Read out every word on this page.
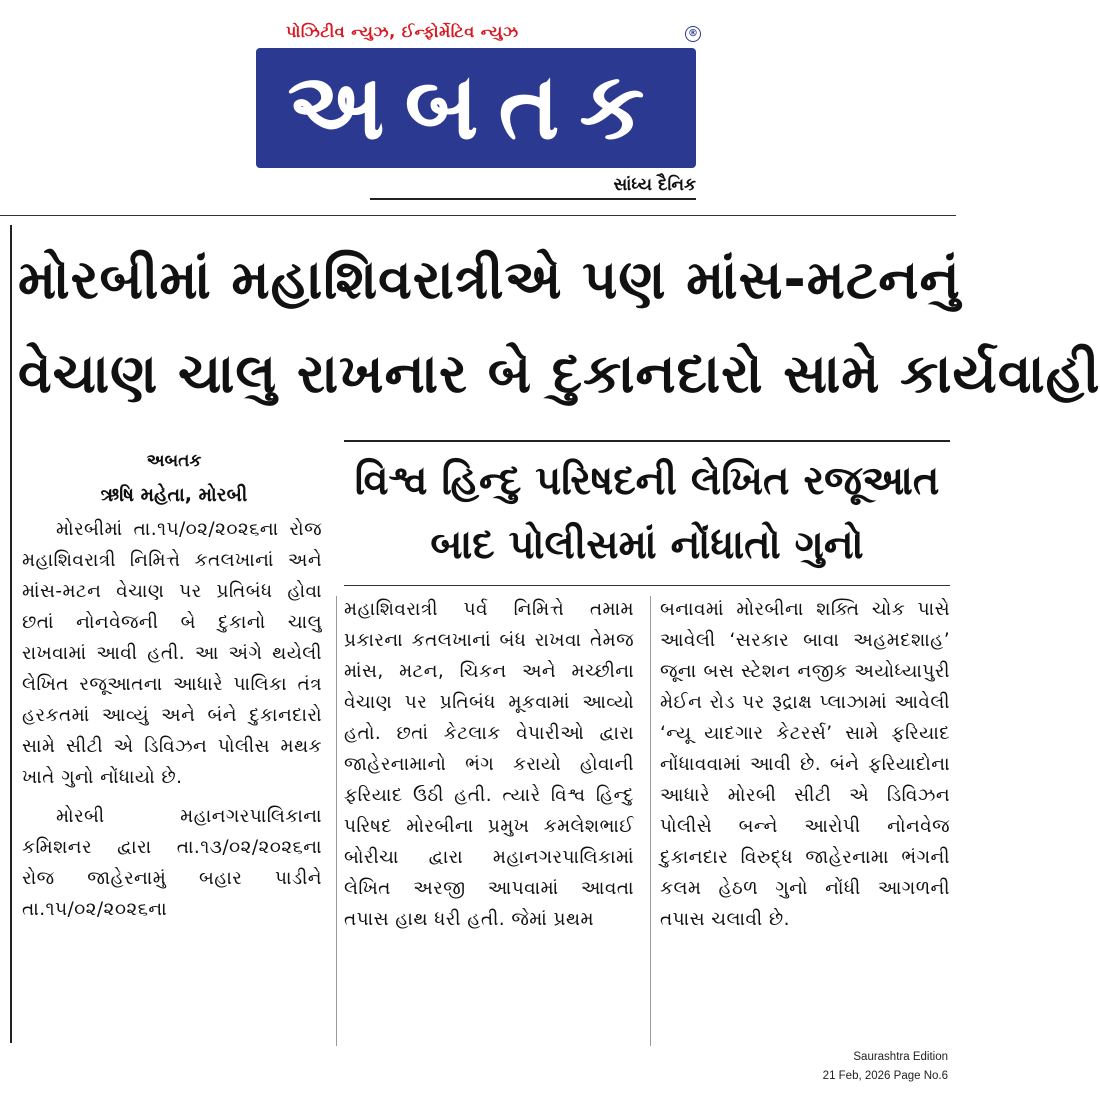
પોઝિટીવ ન્યુઝ, ઈન્ફોર્મેટિવ ન્યુઝ	®
અબતક
સાંધ્ય દૈનિક
મોરબીમાં મહાશિવરાત્રીએ પણ માંસ-મટનનું
વેચાણ ચાલુ રાખનાર બે દુકાનદારો સામે કાર્યવાહી
વિશ્વ હિન્દુ પરિષદની લેખિત રજૂઆત
બાદ પોલીસમાં નોંધાતો ગુનો
અબતક
ઋષિ મહેતા, મોરબી

મોરબીમાં તા.૧૫/૦૨/૨૦૨૬ના રોજ મહાશિવરાત્રી નિમિત્તે કતલખાનાં અને માંસ-મટન વેચાણ પર પ્રતિબંધ હોવા છતાં નોનવેજની બે દુકાનો ચાલુ રાખવામાં આવી હતી. આ અંગે થયેલી લેખિત રજૂઆતના આધારે પાલિકા તંત્ર હરકતમાં આવ્યું અને બંને દુકાનદારો સામે સીટી એ ડિવિઝન પોલીસ મથક ખાતે ગુનો નોંધાયો છે.

મોરબી મહાનગરપાલિકાના કમિશનર દ્વારા તા.૧૩/૦૨/૨૦૨૬ના રોજ જાહેરનામું બહાર પાડીને તા.૧૫/૦૨/૨૦૨૬ના

મહાશિવરાત્રી પર્વ નિમિત્તે તમામ પ્રકારના કતલખાનાં બંધ રાખવા તેમજ માંસ, મટન, ચિકન અને મચ્છીના વેચાણ પર પ્રતિબંધ મૂકવામાં આવ્યો હતો. છતાં કેટલાક વેપારીઓ દ્વારા જાહેરનામાનો ભંગ કરાયો હોવાની ફરિયાદ ઉઠી હતી. ત્યારે વિશ્વ હિન્દુ પરિષદ મોરબીના પ્રમુખ કમલેશભાઈ બોરીચા દ્વારા મહાનગરપાલિકામાં લેખિત અરજી આપવામાં આવતા તપાસ હાથ ધરી હતી. જેમાં પ્રથમ

બનાવમાં મોરબીના શક્તિ ચોક પાસે આવેલી ‘સરકાર બાવા અહમદશાહ’ જૂના બસ સ્ટેશન નજીક અયોધ્યાપુરી મેઈન રોડ પર રૂદ્રાક્ષ પ્લાઝામાં આવેલી ‘ન્યૂ યાદગાર કેટરર્સ’ સામે ફરિયાદ નોંધાવવામાં આવી છે. બંને ફરિયાદોના આધારે મોરબી સીટી એ ડિવિઝન પોલીસે બન્ને આરોપી નોનવેજ દુકાનદાર વિરુદ્ધ જાહેરનામા ભંગની કલમ હેઠળ ગુનો નોંધી આગળની તપાસ ચલાવી છે.

Saurashtra Edition
21 Feb, 2026 Page No.6
